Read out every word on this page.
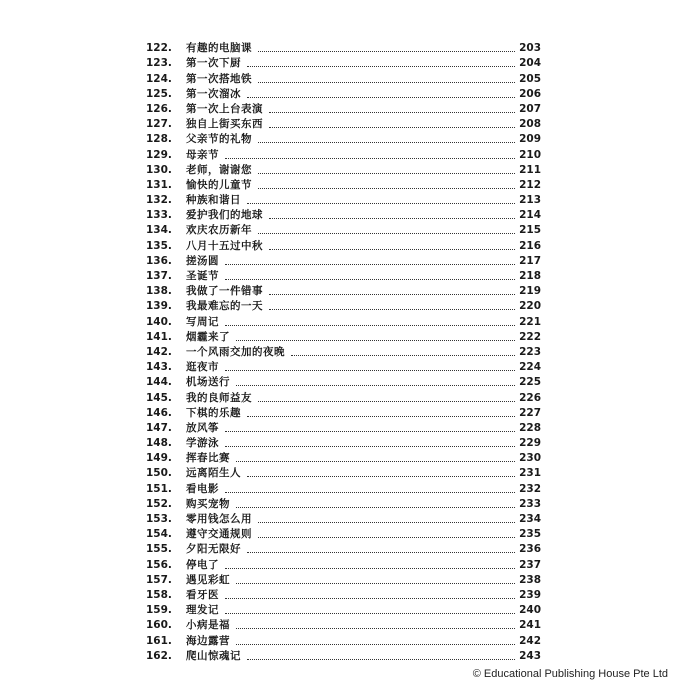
122.	有趣的电脑课	203
123.	第一次下厨	204
124.	第一次搭地铁	205
125.	第一次溜冰	206
126.	第一次上台表演	207
127.	独自上街买东西	208
128.	父亲节的礼物	209
129.	母亲节	210
130.	老师，谢谢您	211
131.	愉快的儿童节	212
132.	种族和谐日	213
133.	爱护我们的地球	214
134.	欢庆农历新年	215
135.	八月十五过中秋	216
136.	搓汤圆	217
137.	圣诞节	218
138.	我做了一件错事	219
139.	我最难忘的一天	220
140.	写周记	221
141.	烟霾来了	222
142.	一个风雨交加的夜晚	223
143.	逛夜市	224
144.	机场送行	225
145.	我的良师益友	226
146.	下棋的乐趣	227
147.	放风筝	228
148.	学游泳	229
149.	挥春比赛	230
150.	远离陌生人	231
151.	看电影	232
152.	购买宠物	233
153.	零用钱怎么用	234
154.	遵守交通规则	235
155.	夕阳无限好	236
156.	停电了	237
157.	遇见彩虹	238
158.	看牙医	239
159.	理发记	240
160.	小病是福	241
161.	海边露营	242
162.	爬山惊魂记	243
© Educational Publishing House Pte Ltd
